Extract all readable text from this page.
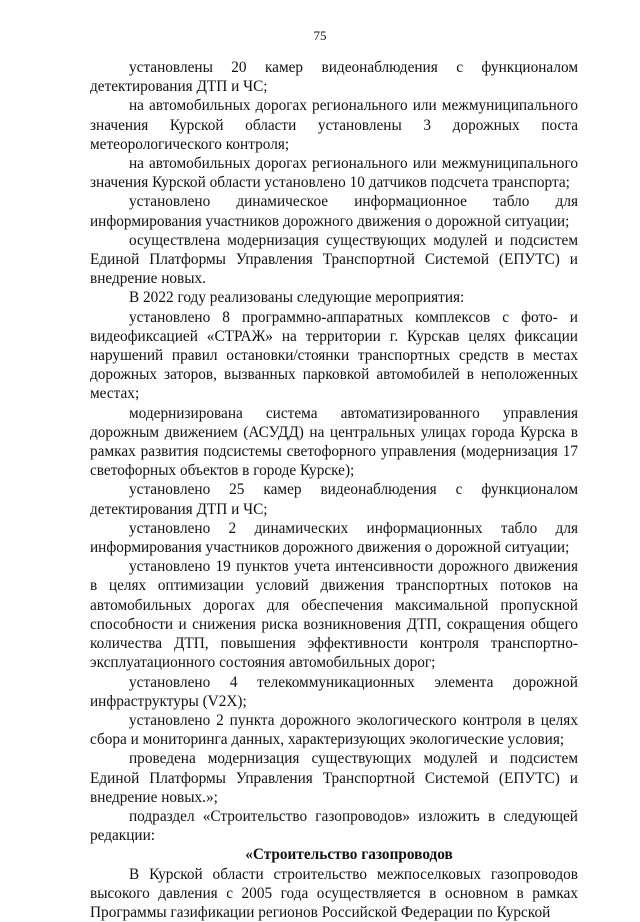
75

установлены 20 камер видеонаблюдения с функционалом детектирования ДТП и ЧС;

на автомобильных дорогах регионального или межмуниципального значения Курской области установлены 3 дорожных поста метеорологического контроля;

на автомобильных дорогах регионального или межмуниципального значения Курской области установлено 10 датчиков подсчета транспорта;

установлено динамическое информационное табло для информирования участников дорожного движения о дорожной ситуации;

осуществлена модернизация существующих модулей и подсистем Единой Платформы Управления Транспортной Системой (ЕПУТС) и внедрение новых.

В 2022 году реализованы следующие мероприятия:

установлено 8 программно-аппаратных комплексов с фото- и видеофиксацией «СТРАЖ» на территории г. Курскав целях фиксации нарушений правил остановки/стоянки транспортных средств в местах дорожных заторов, вызванных парковкой автомобилей в неположенных местах;

модернизирована система автоматизированного управления дорожным движением (АСУДД) на центральных улицах города Курска в рамках развития подсистемы светофорного управления (модернизация 17 светофорных объектов в городе Курске);

установлено 25 камер видеонаблюдения с функционалом детектирования ДТП и ЧС;

установлено 2 динамических информационных табло для информирования участников дорожного движения о дорожной ситуации;

установлено 19 пунктов учета интенсивности дорожного движения в целях оптимизации условий движения транспортных потоков на автомобильных дорогах для обеспечения максимальной пропускной способности и снижения риска возникновения ДТП, сокращения общего количества ДТП, повышения эффективности контроля транспортно-эксплуатационного состояния автомобильных дорог;

установлено 4 телекоммуникационных элемента дорожной инфраструктуры (V2X);

установлено 2 пункта дорожного экологического контроля в целях сбора и мониторинга данных, характеризующих экологические условия;

проведена модернизация существующих модулей и подсистем Единой Платформы Управления Транспортной Системой (ЕПУТС) и внедрение новых.»;

подраздел «Строительство газопроводов» изложить в следующей редакции:

«Строительство газопроводов

В Курской области строительство межпоселковых газопроводов высокого давления с 2005 года осуществляется в основном в рамках Программы газификации регионов Российской Федерации по Курской
